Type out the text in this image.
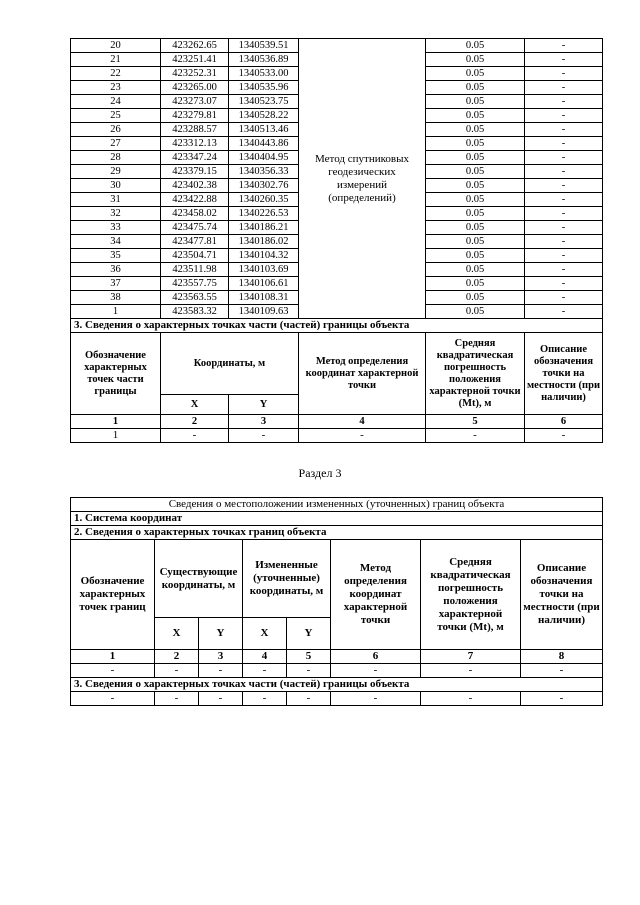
20	423262.65	1340539.51	Метод спутниковых геодезических измерений (определений)	0.05	-
21	423251.41	1340536.89		0.05	-
22	423252.31	1340533.00		0.05	-
23	423265.00	1340535.96		0.05	-
24	423273.07	1340523.75		0.05	-
25	423279.81	1340528.22		0.05	-
26	423288.57	1340513.46		0.05	-
27	423312.13	1340443.86		0.05	-
28	423347.24	1340404.95		0.05	-
29	423379.15	1340356.33		0.05	-
30	423402.38	1340302.76		0.05	-
31	423422.88	1340260.35		0.05	-
32	423458.02	1340226.53		0.05	-
33	423475.74	1340186.21		0.05	-
34	423477.81	1340186.02		0.05	-
35	423504.71	1340104.32		0.05	-
36	423511.98	1340103.69		0.05	-
37	423557.75	1340106.61		0.05	-
38	423563.55	1340108.31		0.05	-
1	423583.32	1340109.63		0.05	-
3. Сведения о характерных точках части (частей) границы объекта					
Обозначение характерных точек части границы	Координаты, м		Метод определения координат характерной точки	Средняя квадратическая погрешность положения характерной точки (Mt), м	Описание обозначения точки на местности (при наличии)
	X	Y			
1	2	3	4	5	6
1	-	-	-	-	-
Раздел 3
Сведения о местоположении измененных (уточненных) границ объекта							
1. Система координат							
2. Сведения о характерных точках границ объекта							
Обозначение характерных точек границ	Существующие координаты, м		Измененные (уточненные) координаты, м		Метод определения координат характерной точки	Средняя квадратическая погрешность положения характерной точки (Mt), м	Описание обозначения точки на местности (при наличии)
	X	Y	X	Y			
1	2	3	4	5	6	7	8
-	-	-	-	-	-	-	-
3. Сведения о характерных точках части (частей) границы объекта							
-	-	-	-	-	-	-	-
